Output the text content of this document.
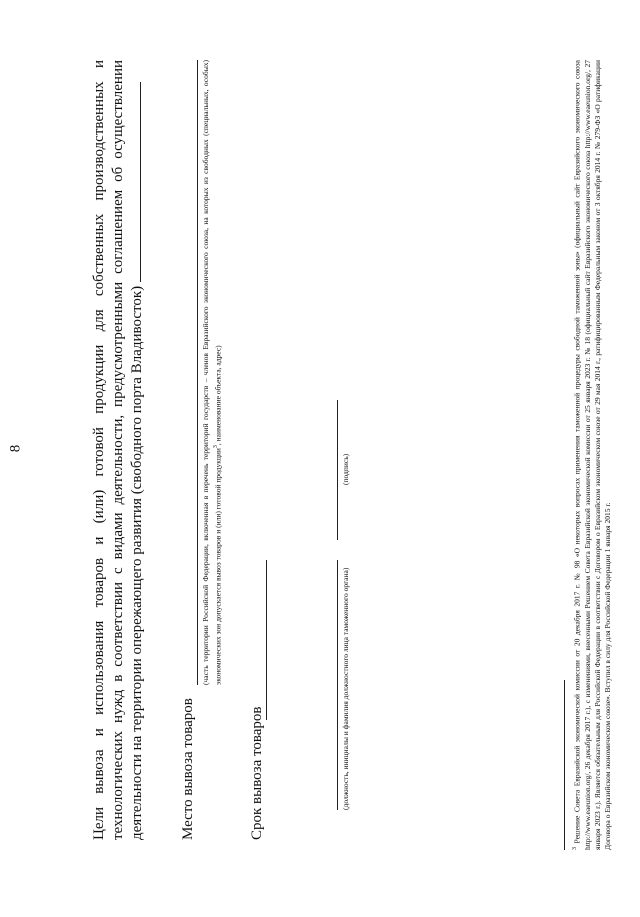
8	Цели вывоза и использования товаров и (или) готовой продукции для собственных производственных и технологических нужд в соответствии с видами деятельности, предусмотренными соглашением об осуществлении деятельности на территории опережающего развития (свободного порта Владивосток) Место вывоза товаров
(часть территории Российской Федерации, включенная в перечень территорий государств – членов Евразийского экономического союза, на которых из свободных (специальных, особых) экономических зон допускается вывоз товаров и (или) готовой продукции$^3$, наименование объекта, адрес)
Срок вывоза товаров	(должность, инициалы и фамилия должностного лица таможенного органа)
(подпись)
$^3$ Решение Совета Евразийской экономической комиссии от 20 декабря 2017 г. № 98 «О некоторых вопросах применения таможенной процедуры свободной таможенной зоны» (официальный сайт Евразийского экономического союза http://www.eaeunion.org/, 26 декабря 2017 г.), с изменениями, внесенными Решением Совета Евразийской экономической комиссии от 25 января 2023 г. № 18 (официальный сайт Евразийского экономического союза http://www.eaeunion.org/, 27 января 2023 г.). Является обязательным для Российской Федерации в соответствии с Договором о Евразийском экономическом союзе от 29 мая 2014 г., ратифицированным Федеральным законом от 3 октября 2014 г. № 279-ФЗ «О ратификации Договора о Евразийском экономическом союзе». Вступил в силу для Российской Федерации 1 января 2015 г.
